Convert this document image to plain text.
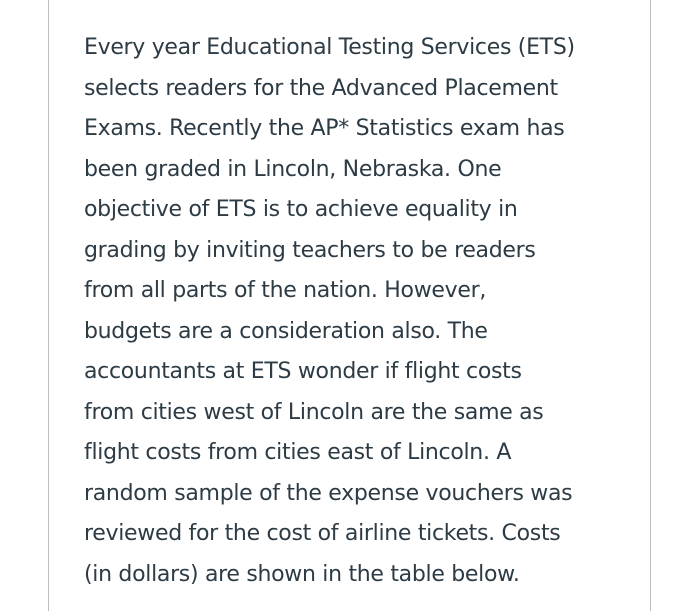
Every year Educational Testing Services (ETS)
selects readers for the Advanced Placement
Exams. Recently the AP* Statistics exam has
been graded in Lincoln, Nebraska. One
objective of ETS is to achieve equality in
grading by inviting teachers to be readers
from all parts of the nation. However,
budgets are a consideration also. The
accountants at ETS wonder if flight costs
from cities west of Lincoln are the same as
flight costs from cities east of Lincoln. A
random sample of the expense vouchers was
reviewed for the cost of airline tickets. Costs
(in dollars) are shown in the table below.
